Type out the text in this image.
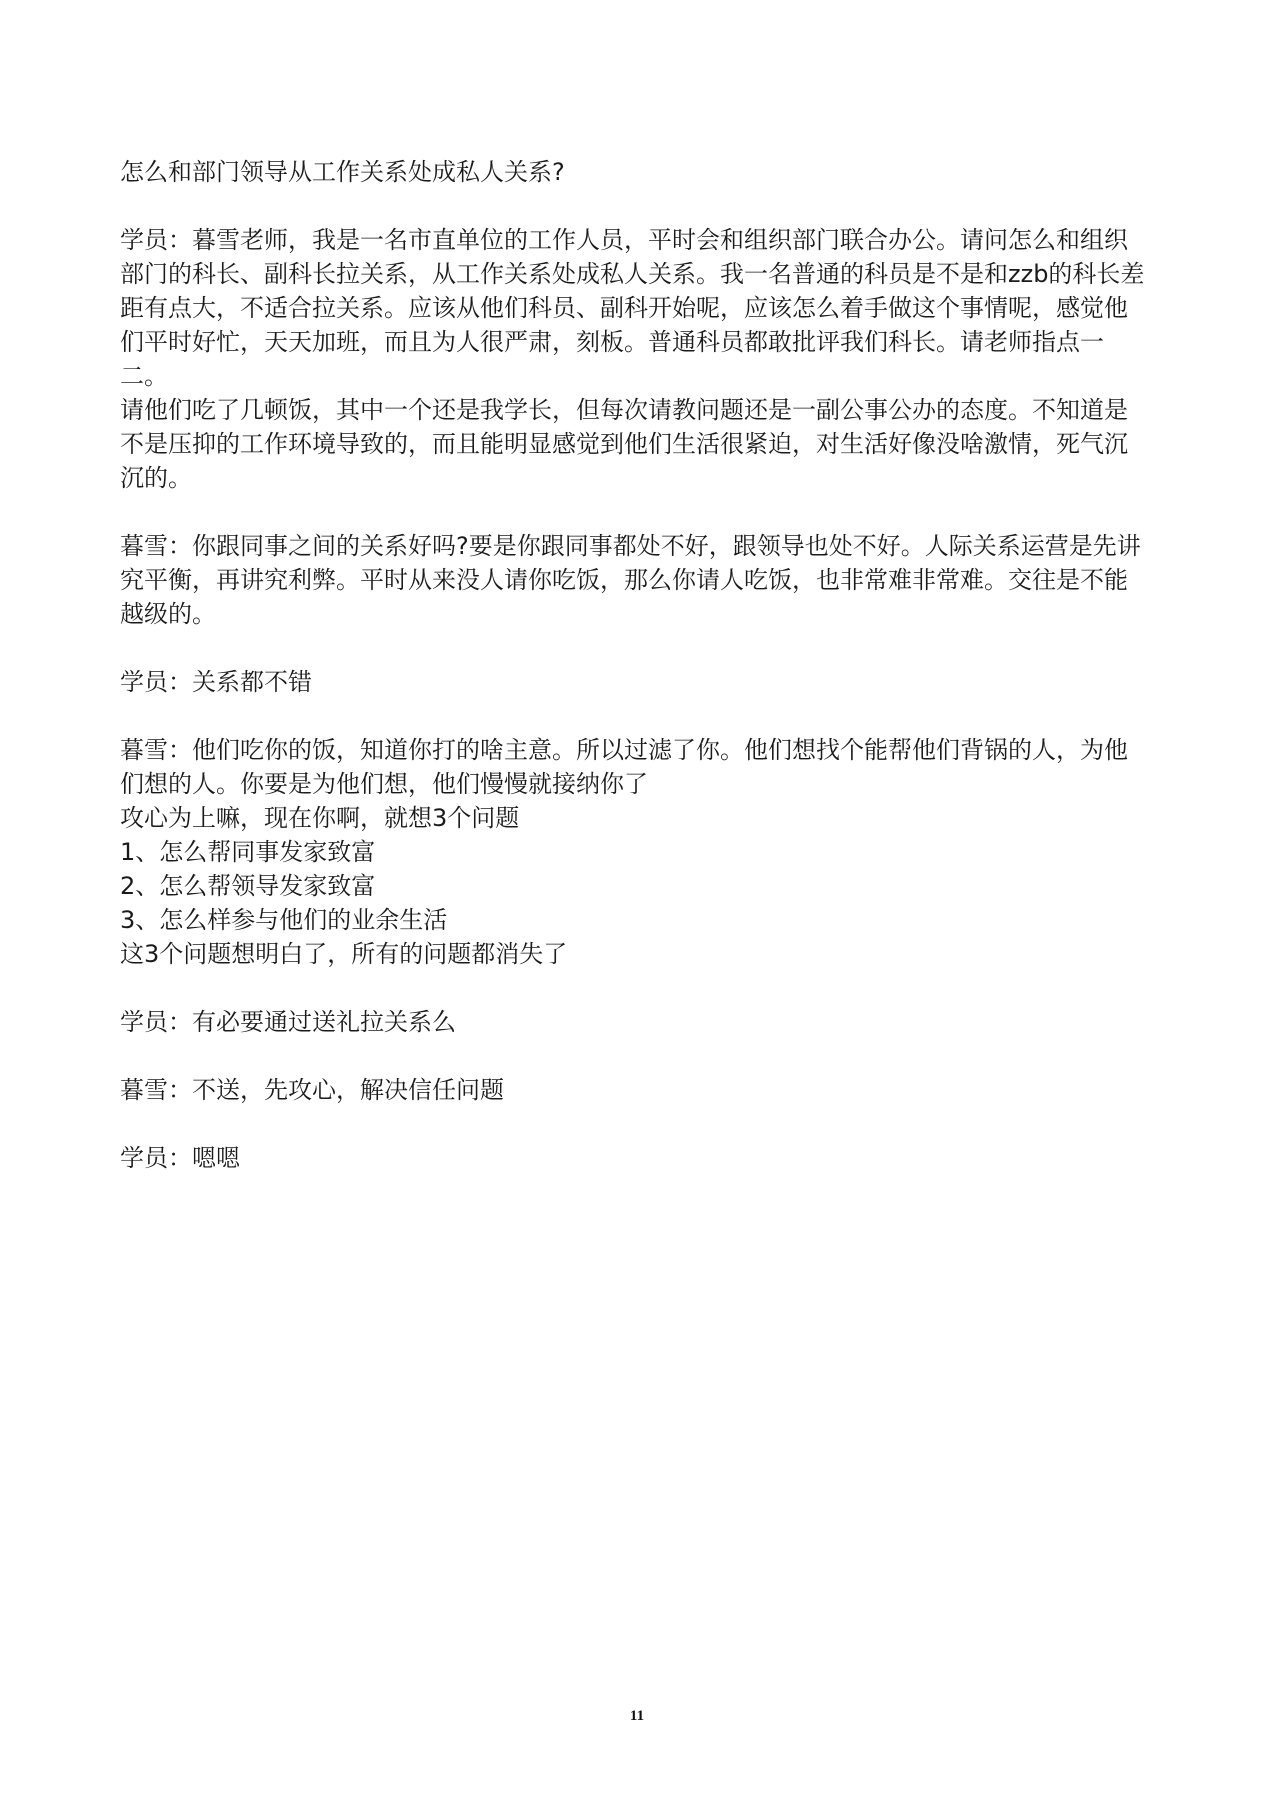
怎么和部门领导从工作关系处成私人关系?

学员：暮雪老师，我是一名市直单位的工作人员，平时会和组织部门联合办公。请问怎么和组织部门的科长、副科长拉关系，从工作关系处成私人关系。我一名普通的科员是不是和zzb的科长差距有点大，不适合拉关系。应该从他们科员、副科开始呢，应该怎么着手做这个事情呢，感觉他们平时好忙，天天加班，而且为人很严肃，刻板。普通科员都敢批评我们科长。请老师指点一二。

请他们吃了几顿饭，其中一个还是我学长，但每次请教问题还是一副公事公办的态度。不知道是不是压抑的工作环境导致的，而且能明显感觉到他们生活很紧迫，对生活好像没啥激情，死气沉沉的。

暮雪：你跟同事之间的关系好吗?要是你跟同事都处不好，跟领导也处不好。人际关系运营是先讲究平衡，再讲究利弊。平时从来没人请你吃饭，那么你请人吃饭，也非常难非常难。交往是不能越级的。

学员：关系都不错

暮雪：他们吃你的饭，知道你打的啥主意。所以过滤了你。他们想找个能帮他们背锅的人，为他们想的人。你要是为他们想，他们慢慢就接纳你了

攻心为上嘛，现在你啊，就想3个问题

1、怎么帮同事发家致富

2、怎么帮领导发家致富

3、怎么样参与他们的业余生活

这3个问题想明白了，所有的问题都消失了

学员：有必要通过送礼拉关系么

暮雪：不送，先攻心，解决信任问题

学员：嗯嗯

11
